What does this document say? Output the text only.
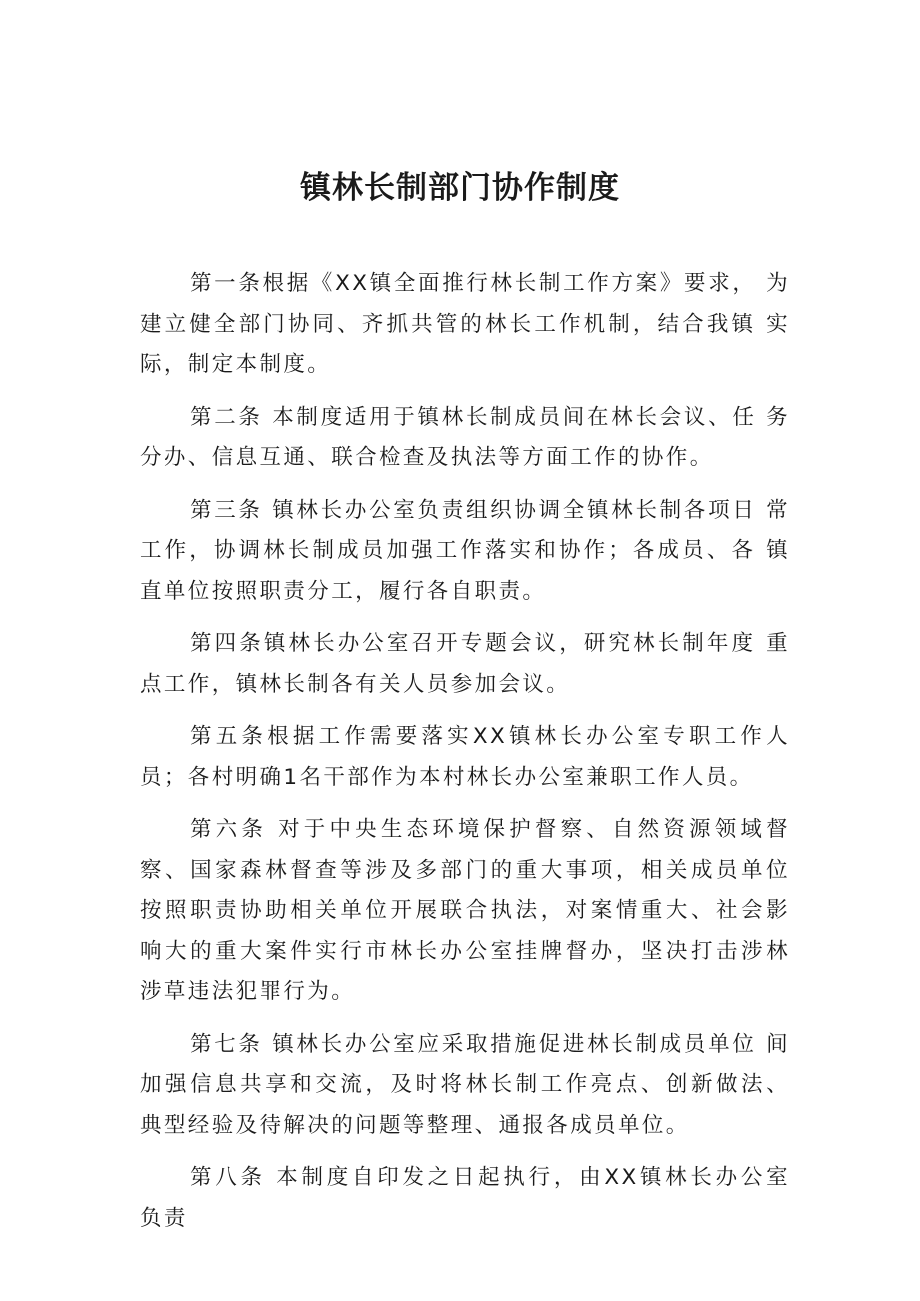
镇林长制部门协作制度

第一条根据《XX镇全面推行林长制工作方案》要求， 为建立健全部门协同、齐抓共管的林长工作机制，结合我镇 实际，制定本制度。

第二条 本制度适用于镇林长制成员间在林长会议、任 务分办、信息互通、联合检查及执法等方面工作的协作。

第三条 镇林长办公室负责组织协调全镇林长制各项日 常工作，协调林长制成员加强工作落实和协作；各成员、各 镇直单位按照职责分工，履行各自职责。

第四条镇林长办公室召开专题会议，研究林长制年度 重点工作，镇林长制各有关人员参加会议。

第五条根据工作需要落实XX镇林长办公室专职工作人 员；各村明确1名干部作为本村林长办公室兼职工作人员。

第六条 对于中央生态环境保护督察、自然资源领域督 察、国家森林督查等涉及多部门的重大事项，相关成员单位 按照职责协助相关单位开展联合执法，对案情重大、社会影 响大的重大案件实行市林长办公室挂牌督办，坚决打击涉林 涉草违法犯罪行为。

第七条 镇林长办公室应采取措施促进林长制成员单位 间加强信息共享和交流，及时将林长制工作亮点、创新做法、 典型经验及待解决的问题等整理、通报各成员单位。

第八条 本制度自印发之日起执行，由XX镇林长办公室 负责
